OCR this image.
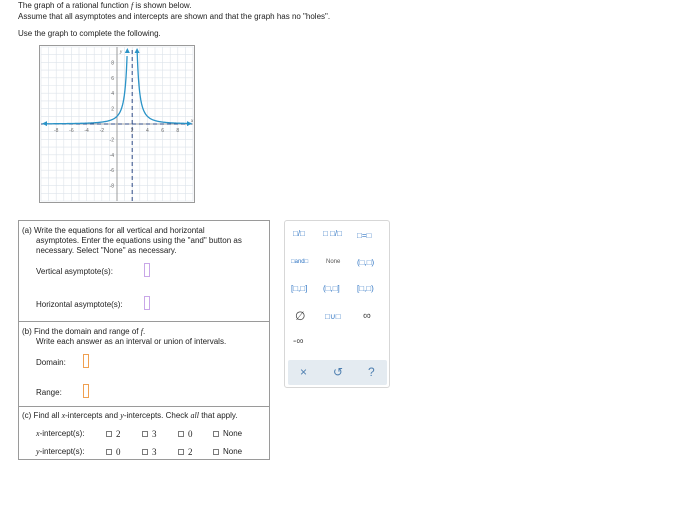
The graph of a rational function f is shown below.
Assume that all asymptotes and intercepts are shown and that the graph has no "holes".
Use the graph to complete the following.
-8 -6 -4 -2	2 4 6 8
8
6
4
2
-2
-4
-6
-8
x
y
(a) Write the equations for all vertical and horizontal
asymptotes. Enter the equations using the "and" button as
necessary. Select "None" as necessary.
Vertical asymptote(s):
Horizontal asymptote(s):
(b) Find the domain and range of f.
Write each answer as an interval or union of intervals.
Domain:
Range:
(c) Find all x-intercepts and y-intercepts. Check all that apply.
x-intercept(s):	2	3	0	None
y-intercept(s):	0	3	2	None
□/□ □ □/□ □=□
□and□	None (□,□)
[□,□] (□,□] [□,□)
∅ □∪□ ∞
-∞
× ↺ ?
